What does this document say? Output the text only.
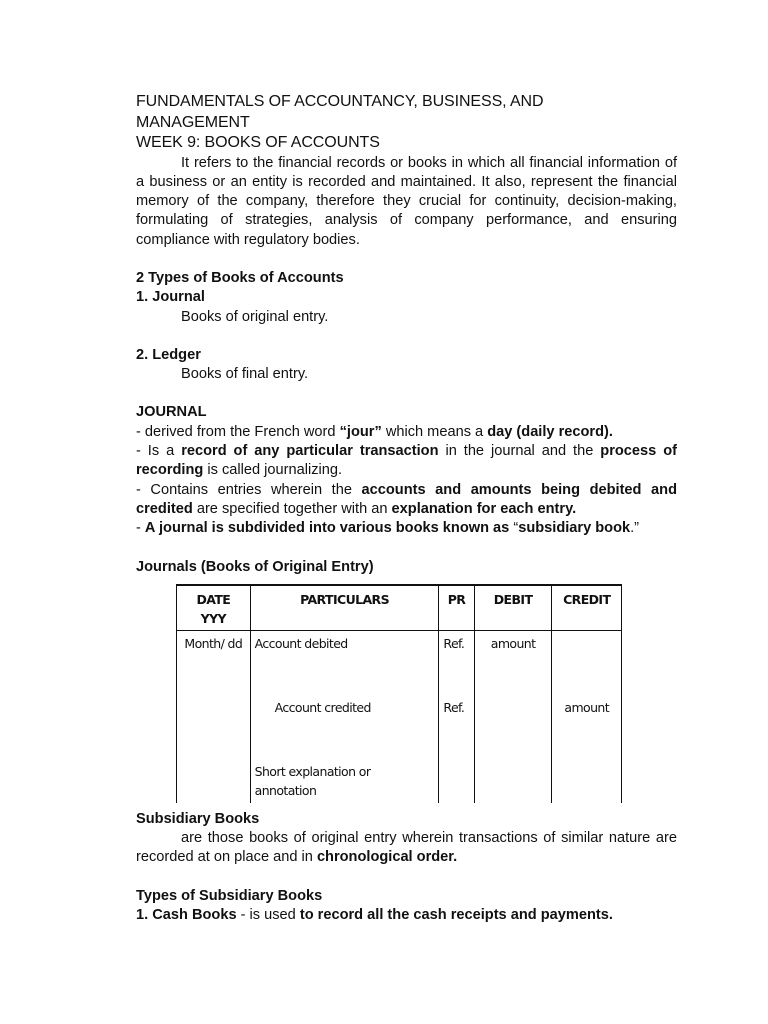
FUNDAMENTALS OF ACCOUNTANCY, BUSINESS, AND
MANAGEMENT
WEEK 9: BOOKS OF ACCOUNTS

It refers to the financial records or books in which all financial information of a business or an entity is recorded and maintained. It also, represent the financial memory of the company, therefore they crucial for continuity, decision-making, formulating of strategies, analysis of company performance, and ensuring compliance with regulatory bodies.

2 Types of Books of Accounts

1. Journal

Books of original entry.

2. Ledger

Books of final entry.

JOURNAL

- derived from the French word “jour” which means a day (daily record).

- Is a record of any particular transaction in the journal and the process of recording is called journalizing.

- Contains entries wherein the accounts and amounts being debited and credited are specified together with an explanation for each entry.

- A journal is subdivided into various books known as “subsidiary book.”

Journals (Books of Original Entry)

DATE
YYY	PARTICULARS	PR	DEBIT	CREDIT
Month/ dd	Account debited	Ref.	amount	
	Account credited	Ref.		amount
	Short explanation or annotation			

Subsidiary Books

are those books of original entry wherein transactions of similar nature are recorded at on place and in chronological order.

Types of Subsidiary Books

1. Cash Books - is used to record all the cash receipts and payments.
